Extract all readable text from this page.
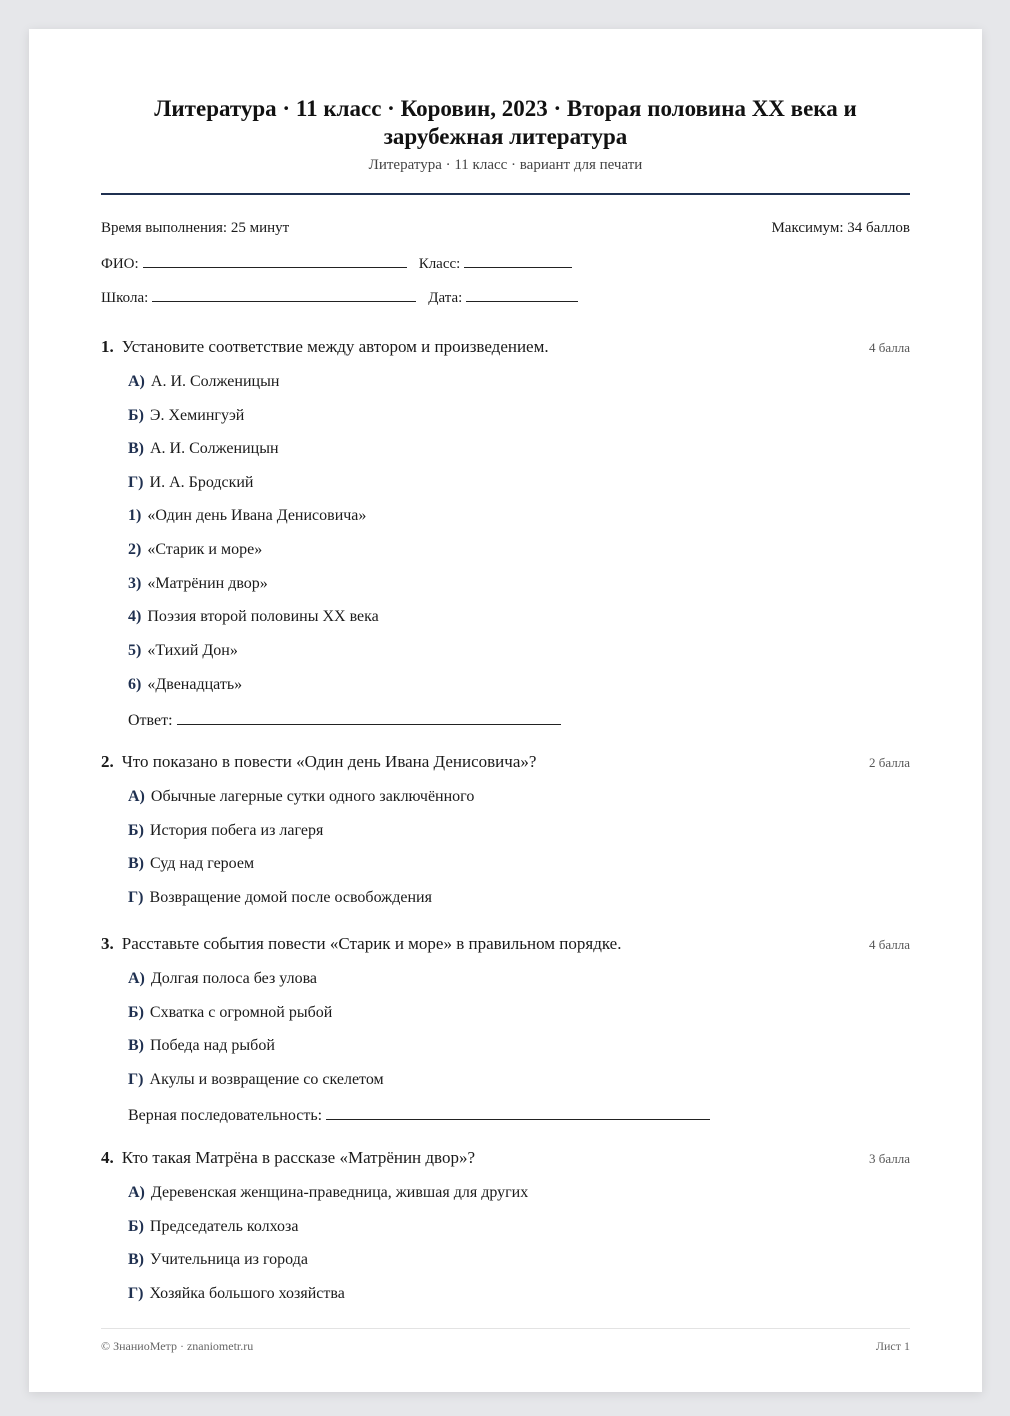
Литература · 11 класс · Коровин, 2023 · Вторая половина XX века и зарубежная литература
Литература · 11 класс · вариант для печати
Время выполнения: 25 минут	Максимум: 34 баллов
ФИО:	Класс:
Школа:	Дата:
1. Установите соответствие между автором и произведением.	4 балла
А) А. И. Солженицын
Б) Э. Хемингуэй
В) А. И. Солженицын
Г) И. А. Бродский
1) «Один день Ивана Денисовича»
2) «Старик и море»
3) «Матрёнин двор»
4) Поэзия второй половины XX века
5) «Тихий Дон»
6) «Двенадцать»
Ответ:
2. Что показано в повести «Один день Ивана Денисовича»?	2 балла
А) Обычные лагерные сутки одного заключённого
Б) История побега из лагеря
В) Суд над героем
Г) Возвращение домой после освобождения
3. Расставьте события повести «Старик и море» в правильном порядке.	4 балла
А) Долгая полоса без улова
Б) Схватка с огромной рыбой
В) Победа над рыбой
Г) Акулы и возвращение со скелетом
Верная последовательность:
4. Кто такая Матрёна в рассказе «Матрёнин двор»?	3 балла
А) Деревенская женщина-праведница, жившая для других
Б) Председатель колхоза
В) Учительница из города
Г) Хозяйка большого хозяйства
© ЗнаниоМетр · znaniometr.ru	Лист 1
